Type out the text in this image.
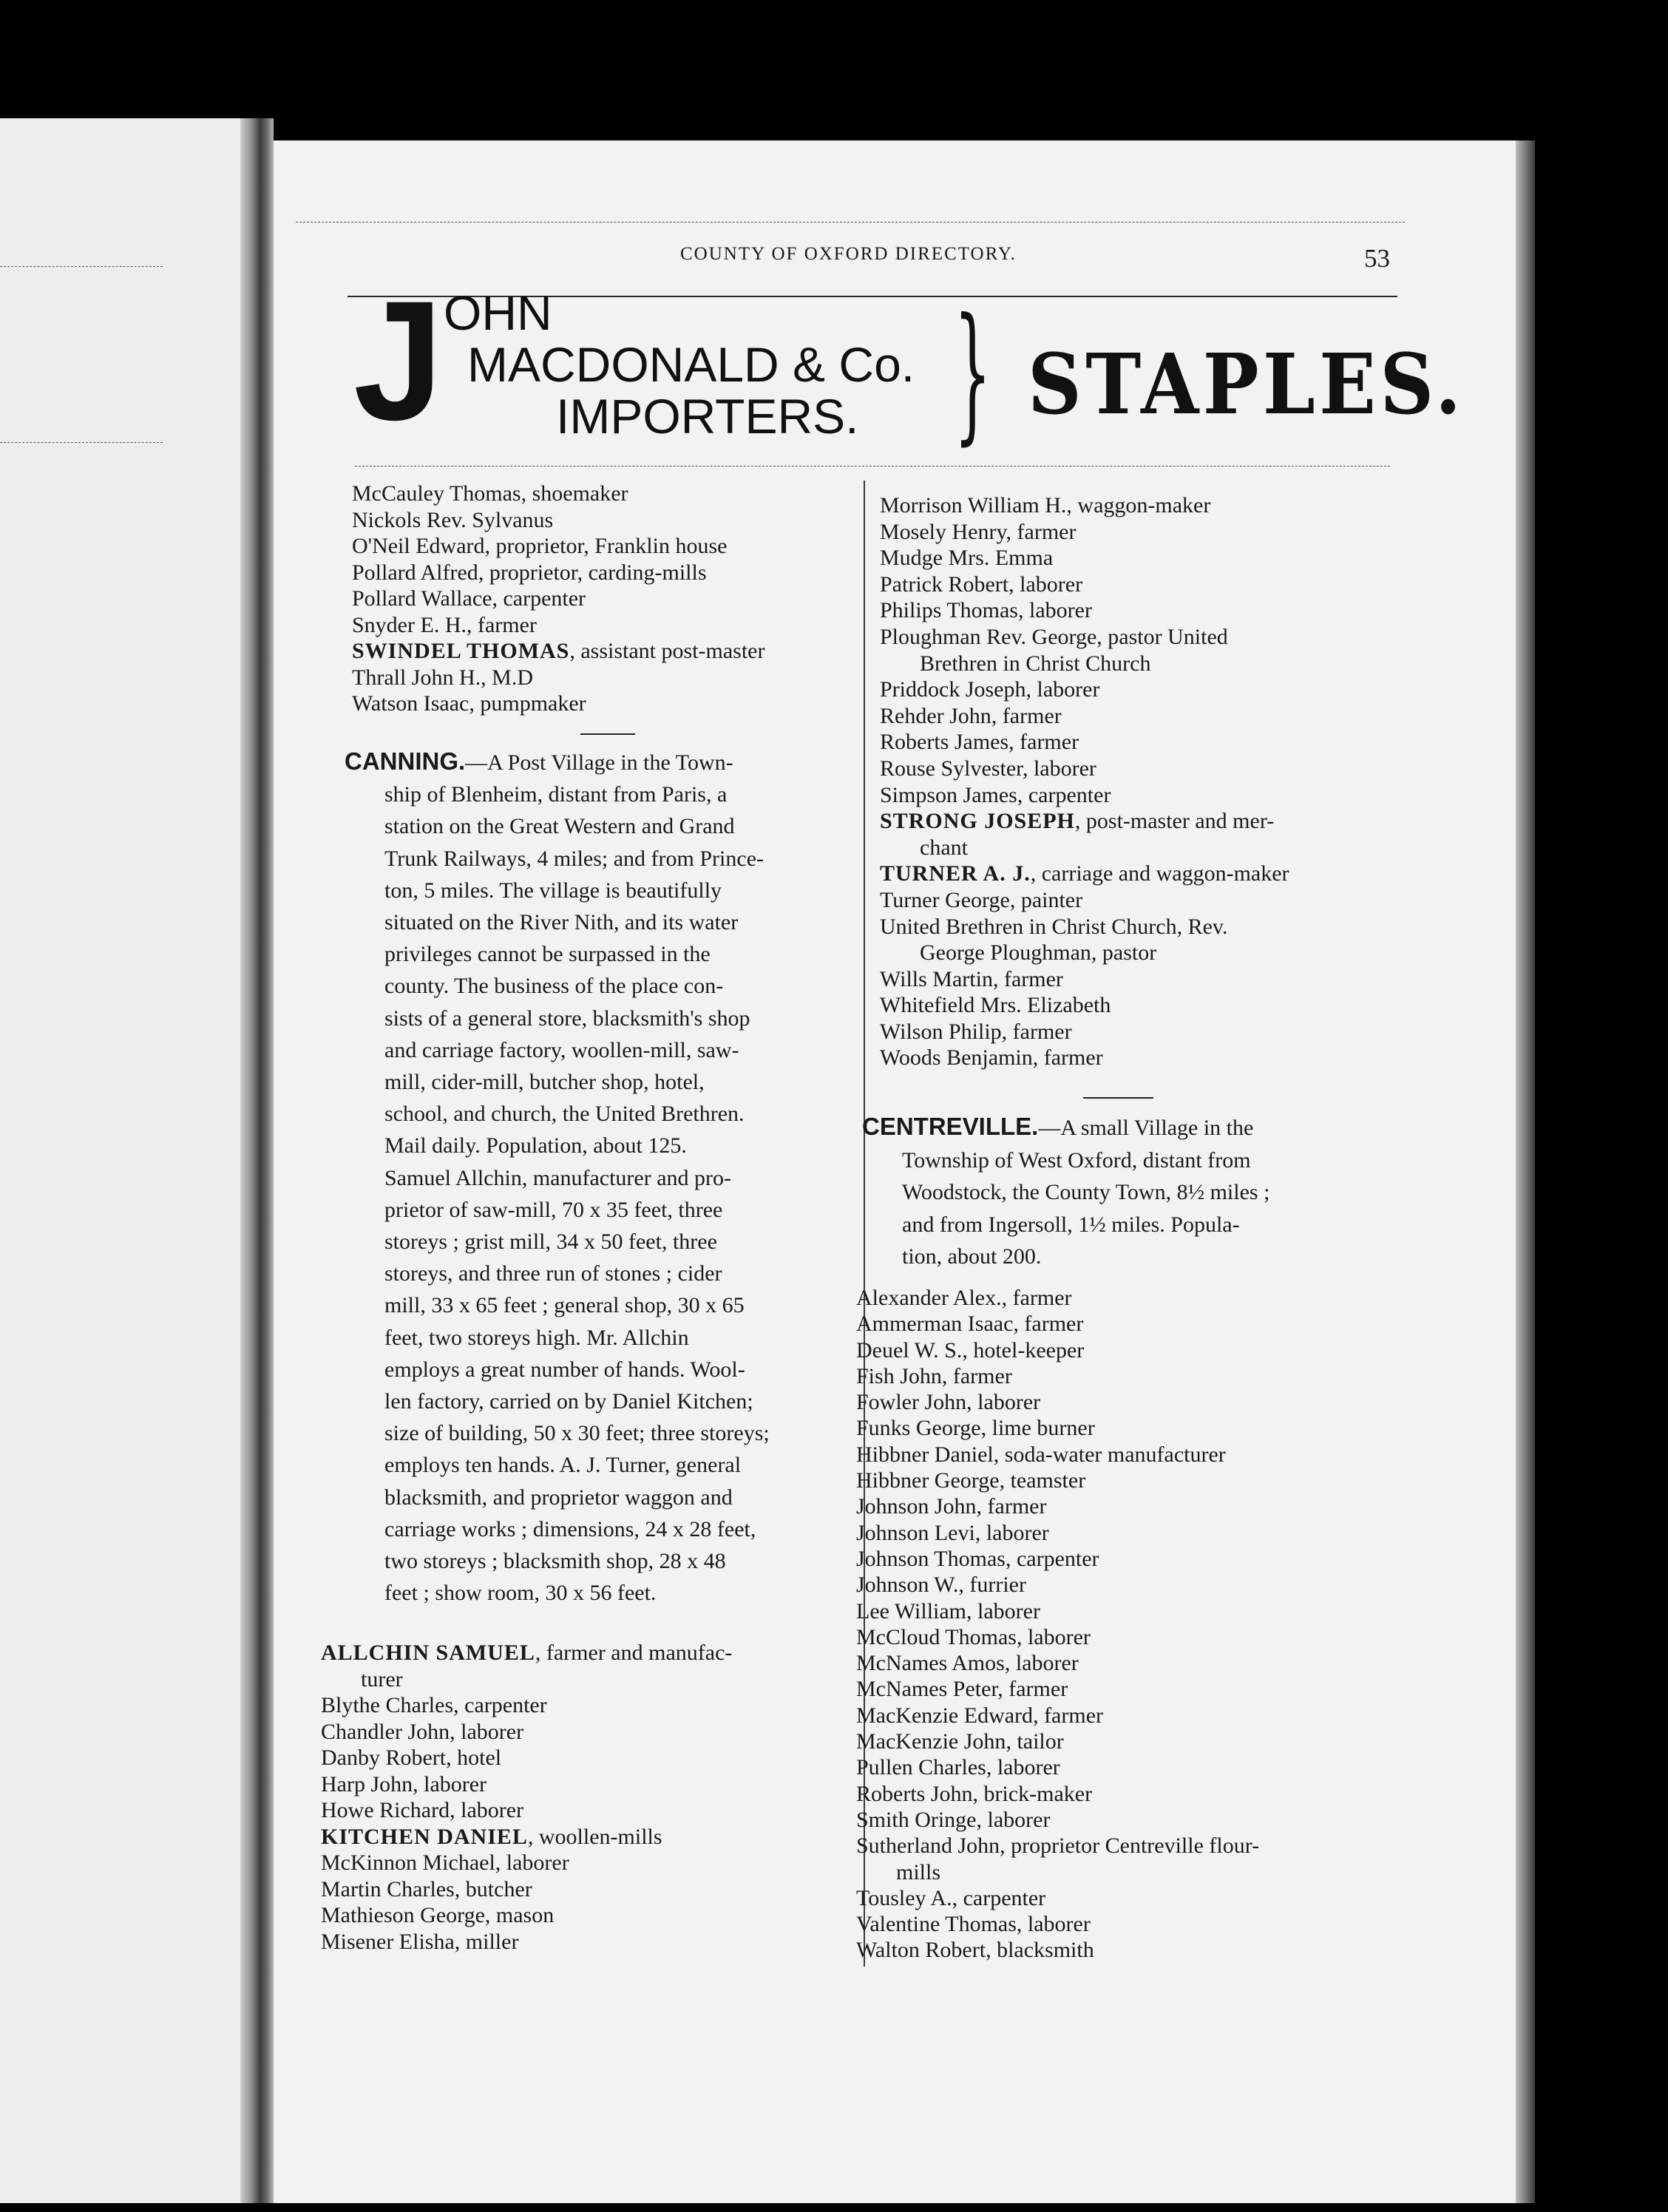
COUNTY OF OXFORD DIRECTORY.	53
J OHN
MACDONALD & Co.
IMPORTERS. } STAPLES.
McCauley Thomas, shoemaker
Nickols Rev. Sylvanus
O'Neil Edward, proprietor, Franklin house
Pollard Alfred, proprietor, carding-mills
Pollard Wallace, carpenter
Snyder E. H., farmer
SWINDEL THOMAS, assistant post-master
Thrall John H., M.D
Watson Isaac, pumpmaker
CANNING.—A Post Village in the Town-
ship of Blenheim, distant from Paris, a
station on the Great Western and Grand
Trunk Railways, 4 miles; and from Prince-
ton, 5 miles. The village is beautifully
situated on the River Nith, and its water
privileges cannot be surpassed in the
county. The business of the place con-
sists of a general store, blacksmith's shop
and carriage factory, woollen-mill, saw-
mill, cider-mill, butcher shop, hotel,
school, and church, the United Brethren.
Mail daily. Population, about 125.
Samuel Allchin, manufacturer and pro-
prietor of saw-mill, 70 x 35 feet, three
storeys ; grist mill, 34 x 50 feet, three
storeys, and three run of stones ; cider
mill, 33 x 65 feet ; general shop, 30 x 65
feet, two storeys high. Mr. Allchin
employs a great number of hands. Wool-
len factory, carried on by Daniel Kitchen;
size of building, 50 x 30 feet; three storeys;
employs ten hands. A. J. Turner, general
blacksmith, and proprietor waggon and
carriage works ; dimensions, 24 x 28 feet,
two storeys ; blacksmith shop, 28 x 48
feet ; show room, 30 x 56 feet.
ALLCHIN SAMUEL, farmer and manufac-
turer
Blythe Charles, carpenter
Chandler John, laborer
Danby Robert, hotel
Harp John, laborer
Howe Richard, laborer
KITCHEN DANIEL, woollen-mills
McKinnon Michael, laborer
Martin Charles, butcher
Mathieson George, mason
Misener Elisha, miller
Morrison William H., waggon-maker
Mosely Henry, farmer
Mudge Mrs. Emma
Patrick Robert, laborer
Philips Thomas, laborer
Ploughman Rev. George, pastor United
Brethren in Christ Church
Priddock Joseph, laborer
Rehder John, farmer
Roberts James, farmer
Rouse Sylvester, laborer
Simpson James, carpenter
STRONG JOSEPH, post-master and mer-
chant
TURNER A. J., carriage and waggon-maker
Turner George, painter
United Brethren in Christ Church, Rev.
George Ploughman, pastor
Wills Martin, farmer
Whitefield Mrs. Elizabeth
Wilson Philip, farmer
Woods Benjamin, farmer
CENTREVILLE.—A small Village in the
Township of West Oxford, distant from
Woodstock, the County Town, 8½ miles ;
and from Ingersoll, 1½ miles. Popula-
tion, about 200.
Alexander Alex., farmer
Ammerman Isaac, farmer
Deuel W. S., hotel-keeper
Fish John, farmer
Fowler John, laborer
Funks George, lime burner
Hibbner Daniel, soda-water manufacturer
Hibbner George, teamster
Johnson John, farmer
Johnson Levi, laborer
Johnson Thomas, carpenter
Johnson W., furrier
Lee William, laborer
McCloud Thomas, laborer
McNames Amos, laborer
McNames Peter, farmer
MacKenzie Edward, farmer
MacKenzie John, tailor
Pullen Charles, laborer
Roberts John, brick-maker
Smith Oringe, laborer
Sutherland John, proprietor Centreville flour-
mills
Tousley A., carpenter
Valentine Thomas, laborer
Walton Robert, blacksmith
